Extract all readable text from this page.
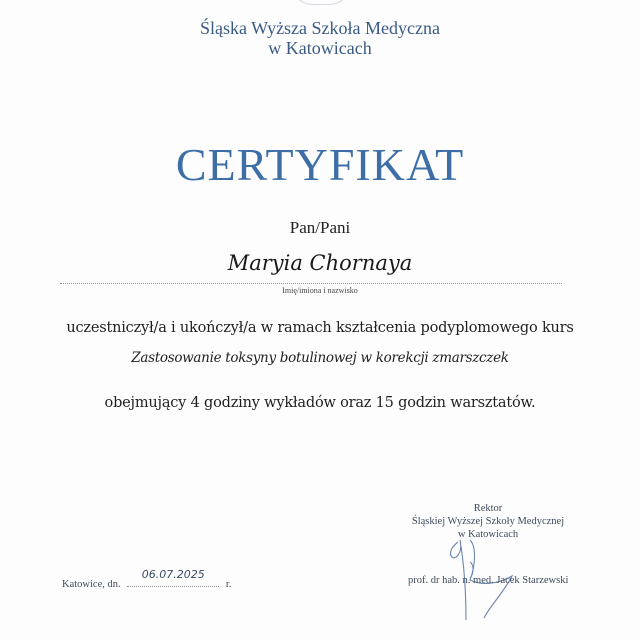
Śląska Wyższa Szkoła Medyczna
w Katowicach
CERTYFIKAT
Pan/Pani
Maryia Chornaya
Imię/imiona i nazwisko
uczestniczył/a i ukończył/a w ramach kształcenia podyplomowego kurs
Zastosowanie toksyny botulinowej w korekcji zmarszczek
obejmujący 4 godziny wykładów oraz 15 godzin warsztatów.
Rektor
Śląskiej Wyższej Szkoły Medycznej
w Katowicach
prof. dr hab. n. med. Jacek Starzewski
Katowice, dn.
06.07.2025
r.
